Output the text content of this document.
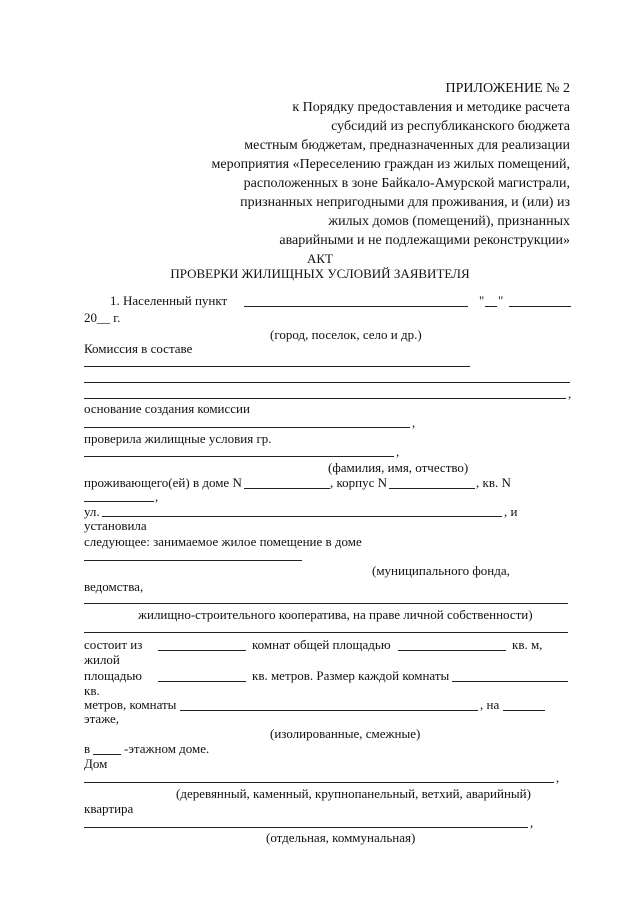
ПРИЛОЖЕНИЕ № 2
к Порядку предоставления и методике расчета
субсидий из республиканского бюджета
местным бюджетам, предназначенных для реализации
мероприятия «Переселению граждан из жилых помещений,
расположенных в зоне Байкало-Амурской магистрали,
признанных непригодными для проживания, и (или) из
жилых домов (помещений), признанных
аварийными и не подлежащими реконструкции»
АКТ
ПРОВЕРКИ ЖИЛИЩНЫХ УСЛОВИЙ ЗАЯВИТЕЛЯ
1. Населенный пункт	" "
20__ г.
(город, поселок, село и др.)
Комиссия в составе
,
основание создания комиссии
,
проверила жилищные условия гр.
,
(фамилия, имя, отчество)
проживающего(ей) в доме N	, корпус N	, кв. N
,
ул.	, и
установила
следующее: занимаемое жилое помещение в доме
(муниципального фонда,
ведомства,
жилищно-строительного кооператива, на праве личной собственности)
состоит из	комнат общей площадью	кв. м,
жилой
площадью	кв. метров. Размер каждой комнаты
кв.
метров, комнаты	, на
этаже,
(изолированные, смежные)
в	-этажном доме.
Дом
,
(деревянный, каменный, крупнопанельный, ветхий, аварийный)
квартира
,
(отдельная, коммунальная)
